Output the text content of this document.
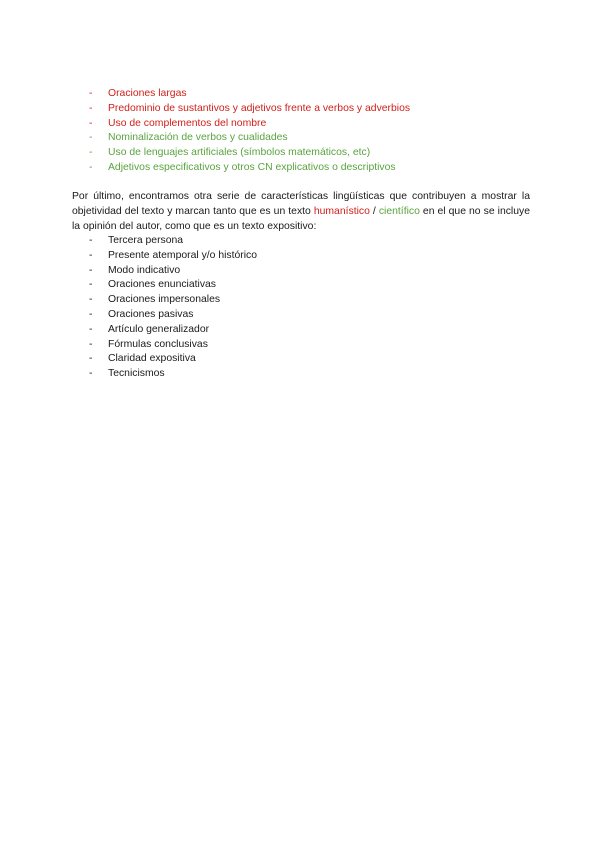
-	Oraciones largas
-	Predominio de sustantivos y adjetivos frente a verbos y adverbios
-	Uso de complementos del nombre
-	Nominalización de verbos y cualidades
-	Uso de lenguajes artificiales (símbolos matemáticos, etc)
-	Adjetivos especificativos y otros CN explicativos o descriptivos

Por último, encontramos otra serie de características lingüísticas que contribuyen a mostrar la objetividad del texto y marcan tanto que es un texto humanístico / científico en el que no se incluye la opinión del autor, como que es un texto expositivo:

-	Tercera persona
-	Presente atemporal y/o histórico
-	Modo indicativo
-	Oraciones enunciativas
-	Oraciones impersonales
-	Oraciones pasivas
-	Artículo generalizador
-	Fórmulas conclusivas
-	Claridad expositiva
-	Tecnicismos
